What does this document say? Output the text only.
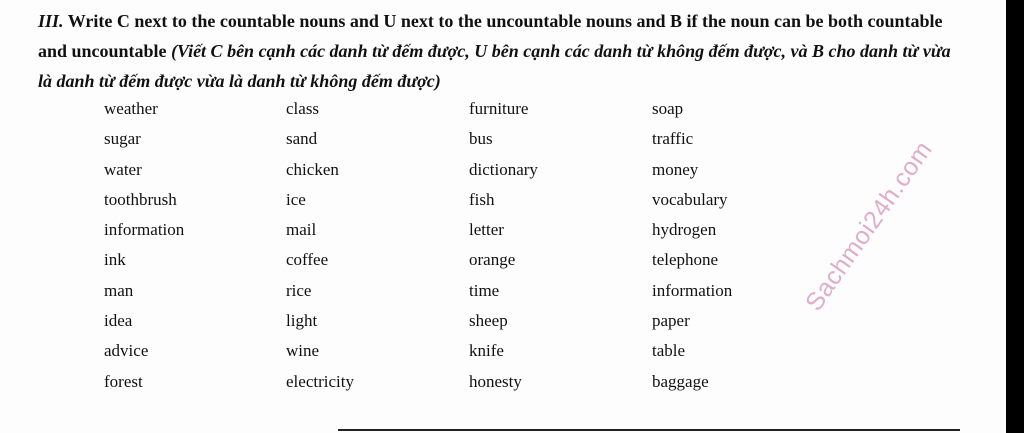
III. Write C next to the countable nouns and U next to the uncountable nouns and B if the noun can be both countable and uncountable (Viết C bên cạnh các danh từ đếm được, U bên cạnh các danh từ không đếm được, và B cho danh từ vừa là danh từ đếm được vừa là danh từ không đếm được)

weather	class	furniture	soap
sugar	sand	bus	traffic
water	chicken	dictionary	money
toothbrush	ice	fish	vocabulary
information	mail	letter	hydrogen
ink	coffee	orange	telephone
man	rice	time	information
idea	light	sheep	paper
advice	wine	knife	table
forest	electricity	honesty	baggage
Sachmoi24h.com
